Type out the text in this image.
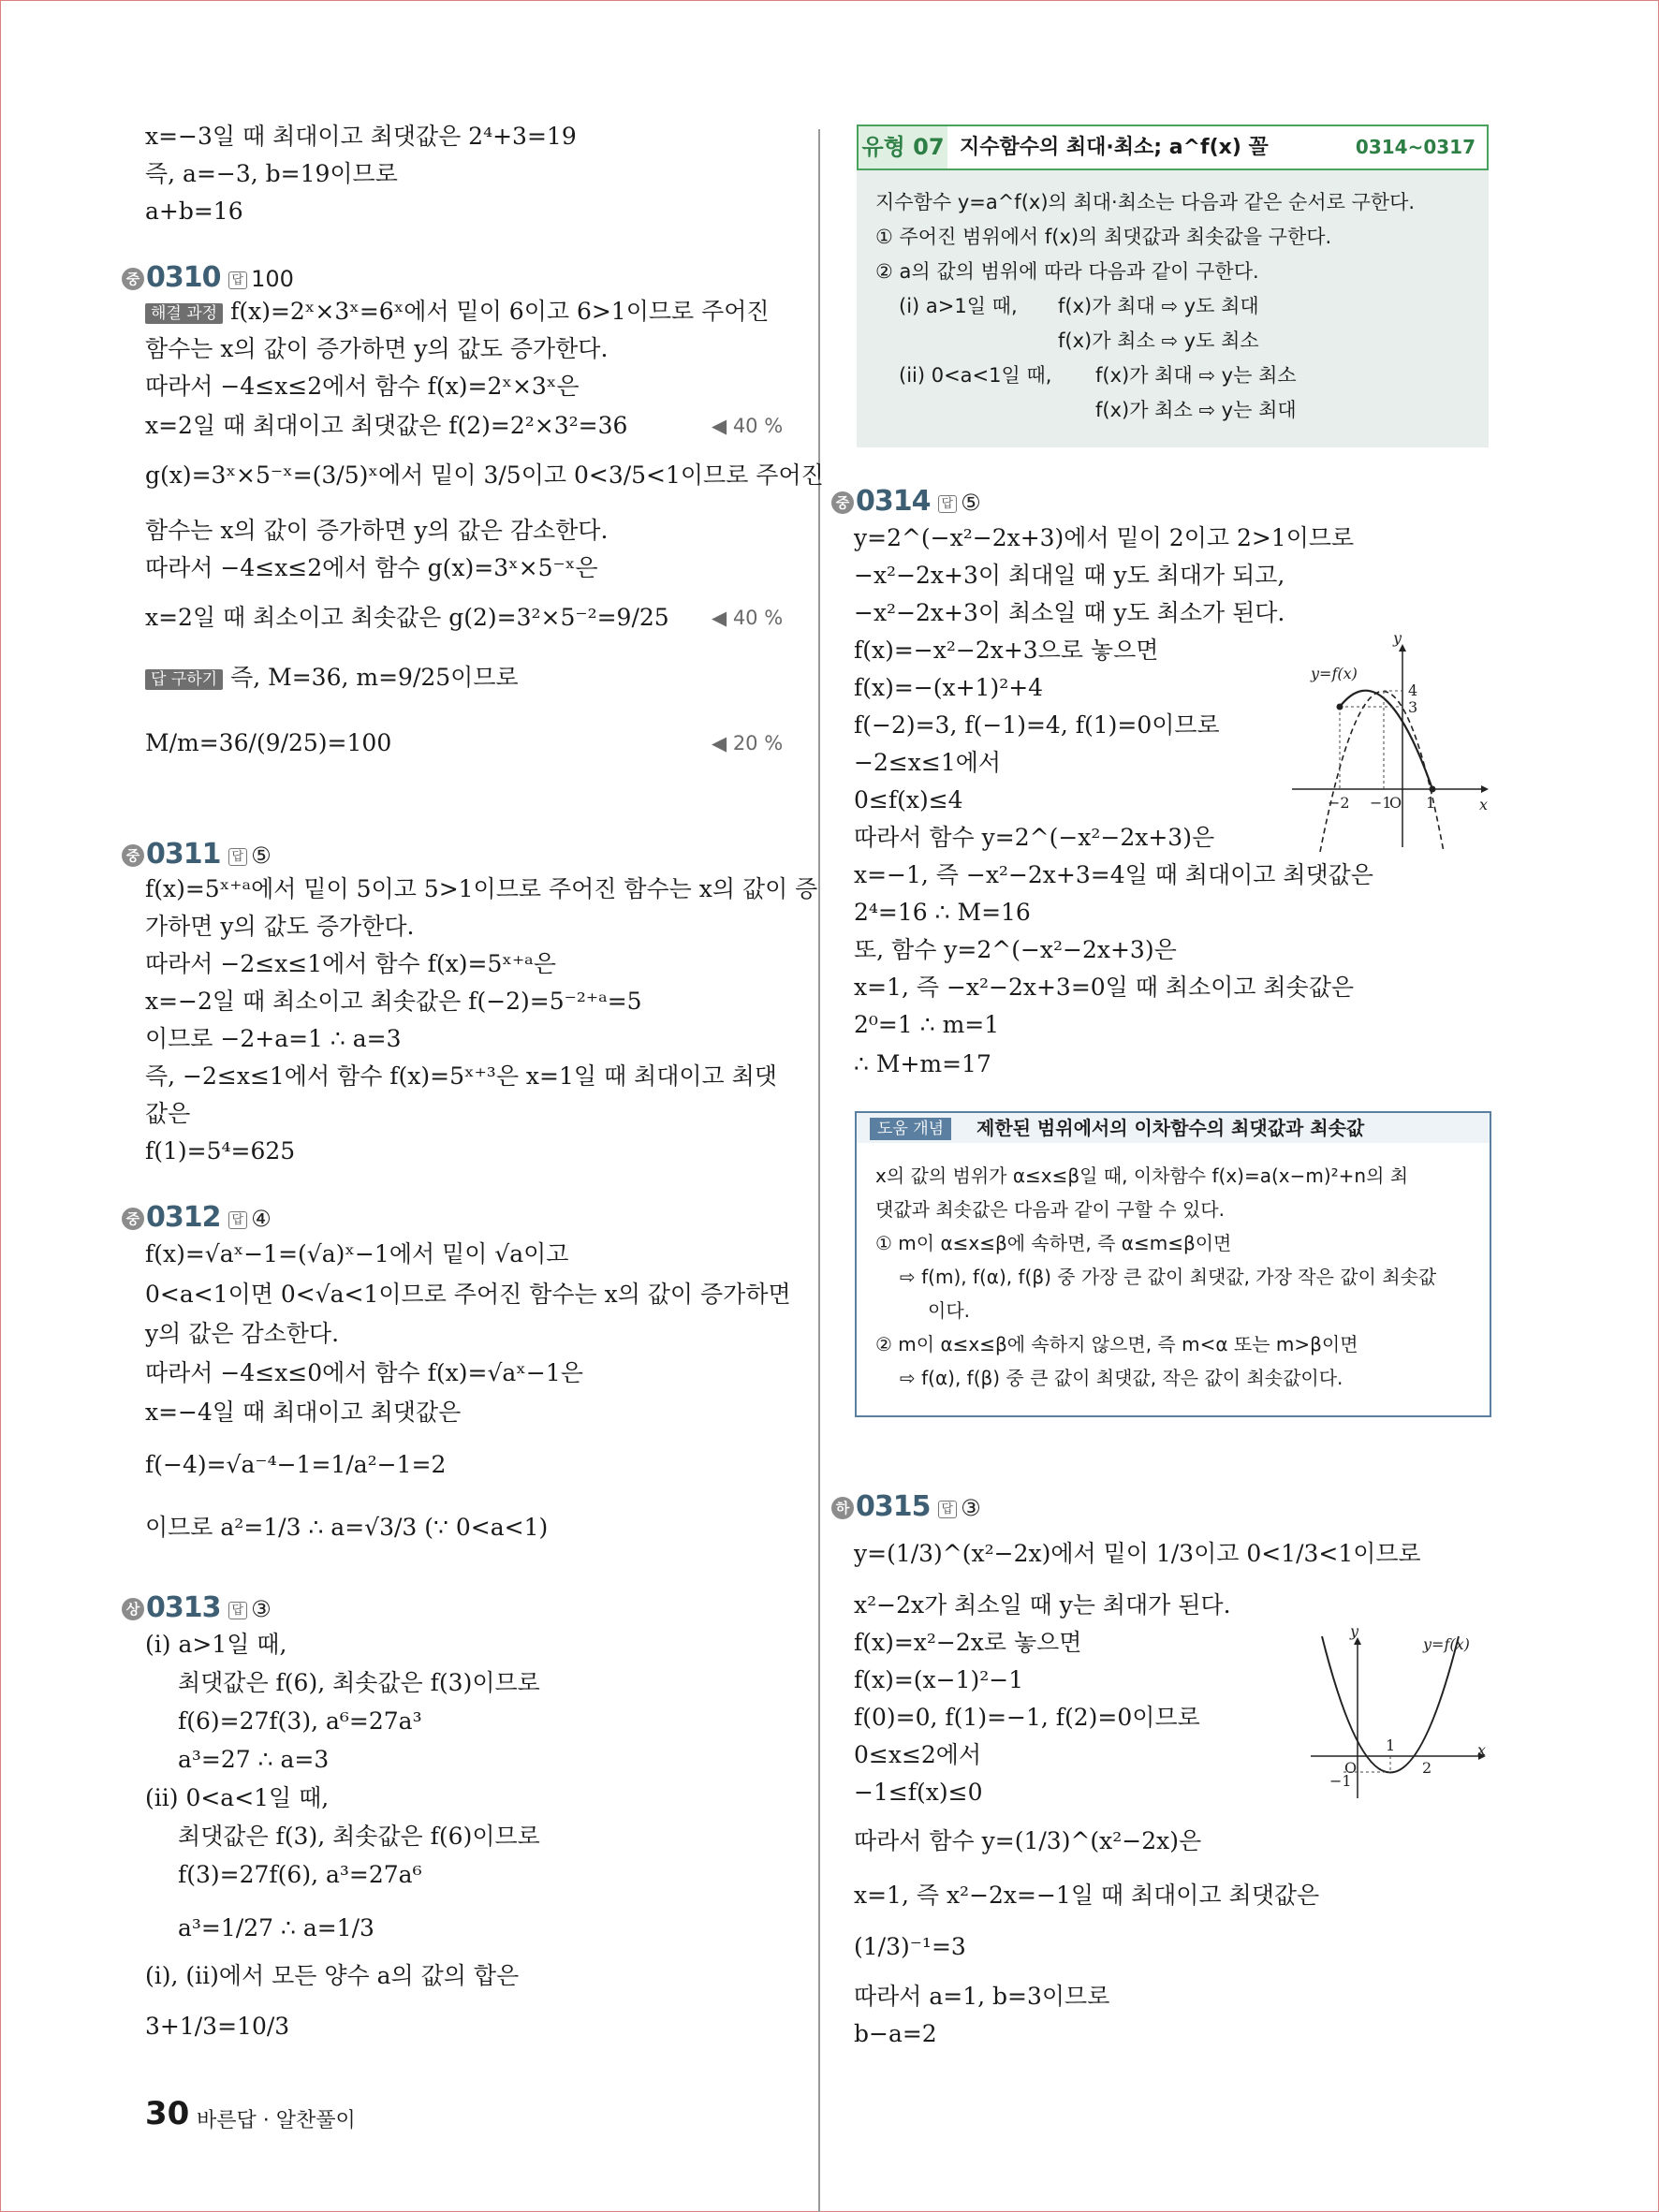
x=−3일 때 최대이고 최댓값은 2⁴+3=19
즉, a=−3, b=19이므로
a+b=16
중 0310 답 100
해결 과정 f(x)=2ˣ×3ˣ=6ˣ에서 밑이 6이고 6>1이므로 주어진
함수는 x의 값이 증가하면 y의 값도 증가한다.
따라서 −4≤x≤2에서 함수 f(x)=2ˣ×3ˣ은
x=2일 때 최대이고 최댓값은 f(2)=2²×3²=36	◀ 40 %
g(x)=3ˣ×5⁻ˣ=(3/5)ˣ에서 밑이 3/5이고 0<3/5<1이므로 주어진
함수는 x의 값이 증가하면 y의 값은 감소한다.
따라서 −4≤x≤2에서 함수 g(x)=3ˣ×5⁻ˣ은
x=2일 때 최소이고 최솟값은 g(2)=3²×5⁻²=9/25 ◀ 40 %
답 구하기 즉, M=36, m=9/25이므로
M/m=36/(9/25)=100	◀ 20 %
중 0311 답 ⑤
f(x)=5ˣ⁺ᵃ에서 밑이 5이고 5>1이므로 주어진 함수는 x의 값이 증
가하면 y의 값도 증가한다.
따라서 −2≤x≤1에서 함수 f(x)=5ˣ⁺ᵃ은
x=−2일 때 최소이고 최솟값은 f(−2)=5⁻²⁺ᵃ=5
이므로 −2+a=1 ∴ a=3
즉, −2≤x≤1에서 함수 f(x)=5ˣ⁺³은 x=1일 때 최대이고 최댓
값은
f(1)=5⁴=625
중 0312 답 ④
f(x)=√aˣ−1=(√a)ˣ−1에서 밑이 √a이고
0<a<1이면 0<√a<1이므로 주어진 함수는 x의 값이 증가하면
y의 값은 감소한다.
따라서 −4≤x≤0에서 함수 f(x)=√aˣ−1은
x=−4일 때 최대이고 최댓값은
f(−4)=√a⁻⁴−1=1/a²−1=2
이므로 a²=1/3 ∴ a=√3/3 (∵ 0<a<1)
상 0313 답 ③
(i) a>1일 때,
최댓값은 f(6), 최솟값은 f(3)이므로
f(6)=27f(3), a⁶=27a³
a³=27 ∴ a=3
(ii) 0<a<1일 때,
최댓값은 f(3), 최솟값은 f(6)이므로
f(3)=27f(6), a³=27a⁶
a³=1/27 ∴ a=1/3
(i), (ii)에서 모든 양수 a의 값의 합은
3+1/3=10/3
유형 07 지수함수의 최대·최소; a^f(x) 꼴	0314~0317
지수함수 y=a^f(x)의 최대·최소는 다음과 같은 순서로 구한다.
① 주어진 범위에서 f(x)의 최댓값과 최솟값을 구한다.
② a의 값의 범위에 따라 다음과 같이 구한다.
(i) a>1일 때, f(x)가 최대 ⇨ y도 최대
f(x)가 최소 ⇨ y도 최소
(ii) 0<a<1일 때, f(x)가 최대 ⇨ y는 최소
f(x)가 최소 ⇨ y는 최대
중 0314 답 ⑤
y=2^(−x²−2x+3)에서 밑이 2이고 2>1이므로
−x²−2x+3이 최대일 때 y도 최대가 되고,
−x²−2x+3이 최소일 때 y도 최소가 된다.
f(x)=−x²−2x+3으로 놓으면
f(x)=−(x+1)²+4
f(−2)=3, f(−1)=4, f(1)=0이므로
−2≤x≤1에서
0≤f(x)≤4
따라서 함수 y=2^(−x²−2x+3)은
x=−1, 즉 −x²−2x+3=4일 때 최대이고 최댓값은
2⁴=16 ∴ M=16
또, 함수 y=2^(−x²−2x+3)은
x=1, 즉 −x²−2x+3=0일 때 최소이고 최솟값은
2⁰=1 ∴ m=1
∴ M+m=17
y=f(x)
y
x
O
−2 −1 1
4
3
도움 개념	제한된 범위에서의 이차함수의 최댓값과 최솟값
x의 값의 범위가 α≤x≤β일 때, 이차함수 f(x)=a(x−m)²+n의 최
댓값과 최솟값은 다음과 같이 구할 수 있다.
① m이 α≤x≤β에 속하면, 즉 α≤m≤β이면
⇨ f(m), f(α), f(β) 중 가장 큰 값이 최댓값, 가장 작은 값이 최솟값
이다.
② m이 α≤x≤β에 속하지 않으면, 즉 m<α 또는 m>β이면
⇨ f(α), f(β) 중 큰 값이 최댓값, 작은 값이 최솟값이다.
하 0315 답 ③
y=(1/3)^(x²−2x)에서 밑이 1/3이고 0<1/3<1이므로
x²−2x가 최소일 때 y는 최대가 된다.
f(x)=x²−2x로 놓으면
f(x)=(x−1)²−1
f(0)=0, f(1)=−1, f(2)=0이므로
0≤x≤2에서
−1≤f(x)≤0
따라서 함수 y=(1/3)^(x²−2x)은
x=1, 즉 x²−2x=−1일 때 최대이고 최댓값은
(1/3)⁻¹=3
따라서 a=1, b=3이므로
b−a=2
y
y=f(x)
x
O
1
2
−1
30 바른답 · 알찬풀이
